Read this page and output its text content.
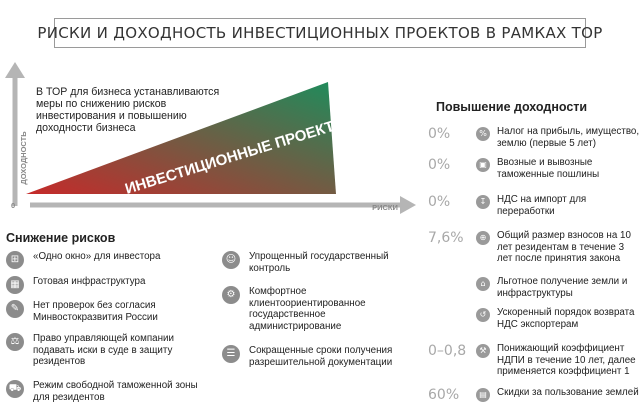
РИСКИ И ДОХОДНОСТЬ ИНВЕСТИЦИОННЫХ ПРОЕКТОВ В РАМКАХ ТОР
ИНВЕСТИЦИОННЫЕ ПРОЕКТЫ
ДОХОДНОСТЬ
РИСКИ
0
В ТОР для бизнеса устанавливаются меры по снижению рисков инвестирования и повышению доходности бизнеса
Снижение рисков
⊞	«Одно окно» для инвестора
▦	Готовая инфраструктура
✎	Нет проверок без согласия Минвостокразвития России
⚖	Право управляющей компании подавать иски в суде в защиту резидентов
⛟ Режим свободной таможенной зоны для резидентов
☺	Упрощенный государственный контроль
⚙	Комфортное клиентоориентированное государственное администрирование
☰	Сокращенные сроки получения разрешительной документации
Повышение доходности
0%	%	Налог на прибыль, имущество, землю (первые 5 лет)
0%	▣	Ввозные и вывозные таможенные пошлины
0%	↧	НДС на импорт для переработки
7,6%	⊕	Общий размер взносов на 10 лет резидентам в течение 3 лет после принятия закона
⌂	Льготное получение земли и инфраструктуры
↺	Ускоренный порядок возврата НДС экспортерам
0–0,8	⚒	Понижающий коэффициент НДПИ в течение 10 лет, далее применяется коэффициент 1
60%	▤	Скидки за пользование землей
